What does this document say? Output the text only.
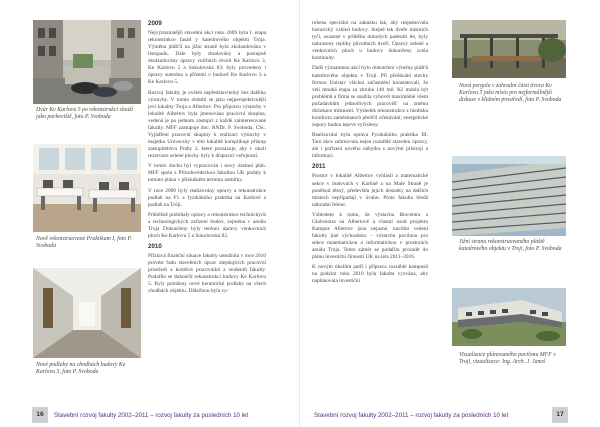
Dvůr Ke Karlovu 5 po rekonstrukci slouží jako parkoviště, foto P. Svoboda
Nově rekonstruované Praktikum I, foto P. Svoboda
Nové podlahy na chodbách budovy Ke Karlovu 5, foto P. Svoboda
2009

Nejvýznamnější stavební akcí roku 2009 byla I. etapa rekonstrukce fasád y katedrového objektu Trója. Výměna plášťů na jižní straně byla zkolaudována v listopadu. Dále byly zbudovány a postupně zkolaudovány úpravy vnitřních dvorů Ke Karlovu 3, Ke Karlovu 5 a Sokolovská 83; byly provedeny i úpravy suterénu a přízemí v budově Ke Karlovu 3 a Ke Karlovu 5.

Rozvoj fakulty je ovšem nepředstavitelný bez dalšího výstavby. V tomto období se jako nejperspektivnější jeví lokality Troja a Albertov. Pro přípravu výstavby v lokalitě Albertov byla jmenována pracovní skupina, vedená je po jednom zástupci z každé zainteresované fakulty. MFF zastupuje doc. RNDr. P. Svoboda, CSc. Vyjádření pracovní skupiny k realizaci výstavby v majetku Univerzity v této lokalitě komplikuje přístup zastupitelstva Prahy 2, které prosazuje, aby v okolí rezervace zelené plochy byly k dispozici veřejnosti.

V tomto duchu byl vypracován i nový územní plán. MFF spolu s Přírodovědeckou fakultou UK podaly k tomuto plánu v příslušném termínu námitky.

V roce 2009 byly realizovány opravy a rekonstrukce podlah na F1 a fyzikálního praktika na Karlově a podlah na Tróji.

Průběžně probíhaly opravy a rekonstrukce technických a technologických zařízení budov, zejména v areálu Troja Dokončeny byly terénní úpravy venkovních ploch Ke Karlovu 5 a Sokolovská 83.

2010

Příznivá finanční situace fakulty umožnila v roce 2010 provést řadu stavebních úprav zlepšujících pracovní prostředí a komfort pracovníků a studentů fakulty. Podařilo se dokončit rekonstrukci budovy Ke Karlovu 5. Byly položeny nové keramické podlahy na všech chodbách objektu. Důležitou byla vy-

16	Stavební rozvoj fakulty 2002–2011 – rozvoj fakulty za posledních 10 let

robena speciální na zakázku lak, aby respektovala historický vzhled budovy. Stejně tak dveře místních tyčí, osazené v průběhu minulých padesáti let, byly nahrazeny repliky původních dveří. Úpravy zeleně a venkovních ploch u budovy dokončeny zcela kontinuity.

Další významnou akcí bylo dokončení výměny plášťů katedrového objektu v Troji. Při předávání stavby firmou Unistav všichni zúčastnění konstatovali, že velí mnohá etapa za zhruba 140 mil. Kč mohla být problémů a firma se snažila vyhovět maximálně všem požadavkům jednotlivých pracovišť na změnu dislokace místností. Výsledek rekonstrukce z hlediska komfortu zaměstnanců předčil očekávání; energetické úspory budou teprve vyčísleny.

Realizováni byla oprava Fyzikálního praktika III. Tato akce zahrnovala nejen rozsáhlé stavební úpravy, ale i pořízení nového nábytku s novými přístroji a informaci.

2011

Prostor v lokalitě Albertov vyhlásil a matematické sekce v budovách v Karlíně a na Malé Straně je poněkud těsný, především jejich dostatky na dalších místech nepřipadají v úvahu. Proto fakulta hledá náhradní řešení.

Vzhledem k tomu, že výstavba Biocentra a Globcentra na Albertově a vlastní osud projektu Kampus Albertov jsou nejasné, navrhlo vedení fakulty jiné východisko – výstavbu pavilonu pro sekce matematickou a informatickou v prostorách areálu Troja. Tento záměr se podařilo prosadit do plánu investiční činnosti UK na léta 2011–2016.

K novým úkolům patří i příprava rozsáhlé kampusů na podzim roku 2010 byla fakulta vyzvána, aby naplánovala investiční

Nová pergola v zahradní části dvora Ke Karlovu 5 jako místo pro nejformálnější diskuse v klidném prostředí, foto P. Svoboda
Jižní strana rekonstruovaného pláště katedrového objektu v Troji, foto P. Svoboda
Vizualizace plánovaného pavilonu MFF v Troji, vizualizace: Ing. Arch. J. Janeš
Stavební rozvoj fakulty 2002–2011 – rozvoj fakulty za posledních 10 let	17
